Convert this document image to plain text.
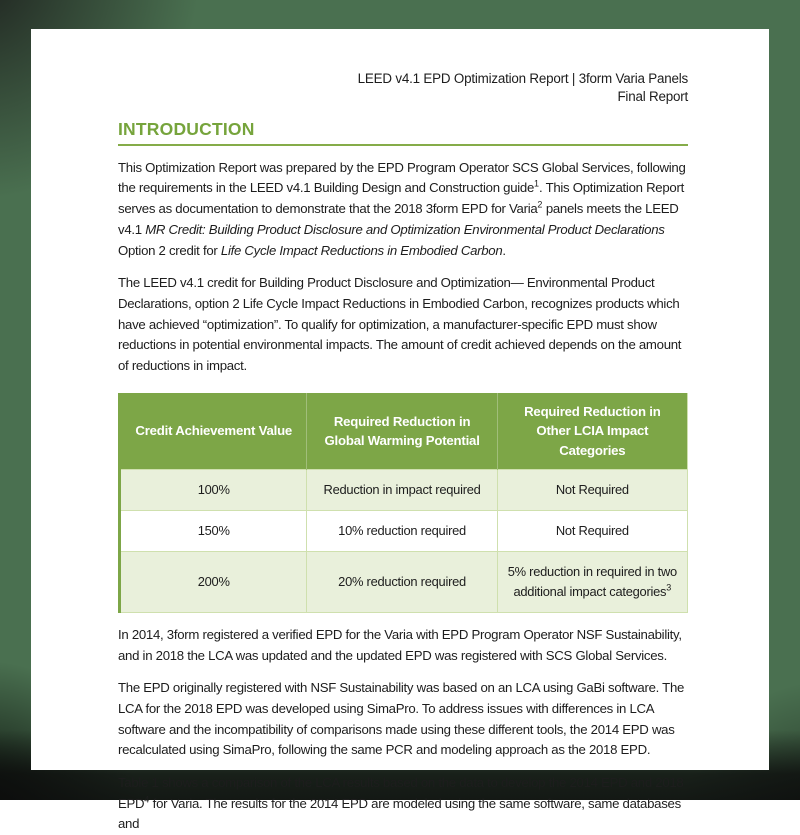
LEED v4.1 EPD Optimization Report | 3form Varia Panels
Final Report
INTRODUCTION

This Optimization Report was prepared by the EPD Program Operator SCS Global Services, following the requirements in the LEED v4.1 Building Design and Construction guide$^1$. This Optimization Report serves as documentation to demonstrate that the 2018 3form EPD for Varia$^2$ panels meets the LEED v4.1 MR Credit: Building Product Disclosure and Optimization Environmental Product Declarations Option 2 credit for Life Cycle Impact Reductions in Embodied Carbon.

The LEED v4.1 credit for Building Product Disclosure and Optimization— Environmental Product Declarations, option 2 Life Cycle Impact Reductions in Embodied Carbon, recognizes products which have achieved “optimization”. To qualify for optimization, a manufacturer-specific EPD must show reductions in potential environmental impacts. The amount of credit achieved depends on the amount of reductions in impact.

Credit Achievement Value	Required Reduction in Global Warming Potential	Required Reduction in Other LCIA Impact Categories
100%	Reduction in impact required	Not Required
150%	10% reduction required	Not Required
200%	20% reduction required	5% reduction in required in two additional impact categories$^3$

In 2014, 3form registered a verified EPD for the Varia with EPD Program Operator NSF Sustainability, and in 2018 the LCA was updated and the updated EPD was registered with SCS Global Services.

The EPD originally registered with NSF Sustainability was based on an LCA using GaBi software. The LCA for the 2018 EPD was developed using SimaPro. To address issues with differences in LCA software and the incompatibility of comparisons made using these different tools, the 2014 EPD was recalculated using SimaPro, following the same PCR and modeling approach as the 2018 EPD.

Table 1 shows a comparison of the LCA results based on the data to develop the 2014 EPD and 2018 EPD$^4$ for Varia. The results for the 2014 EPD are modeled using the same software, same databases and
